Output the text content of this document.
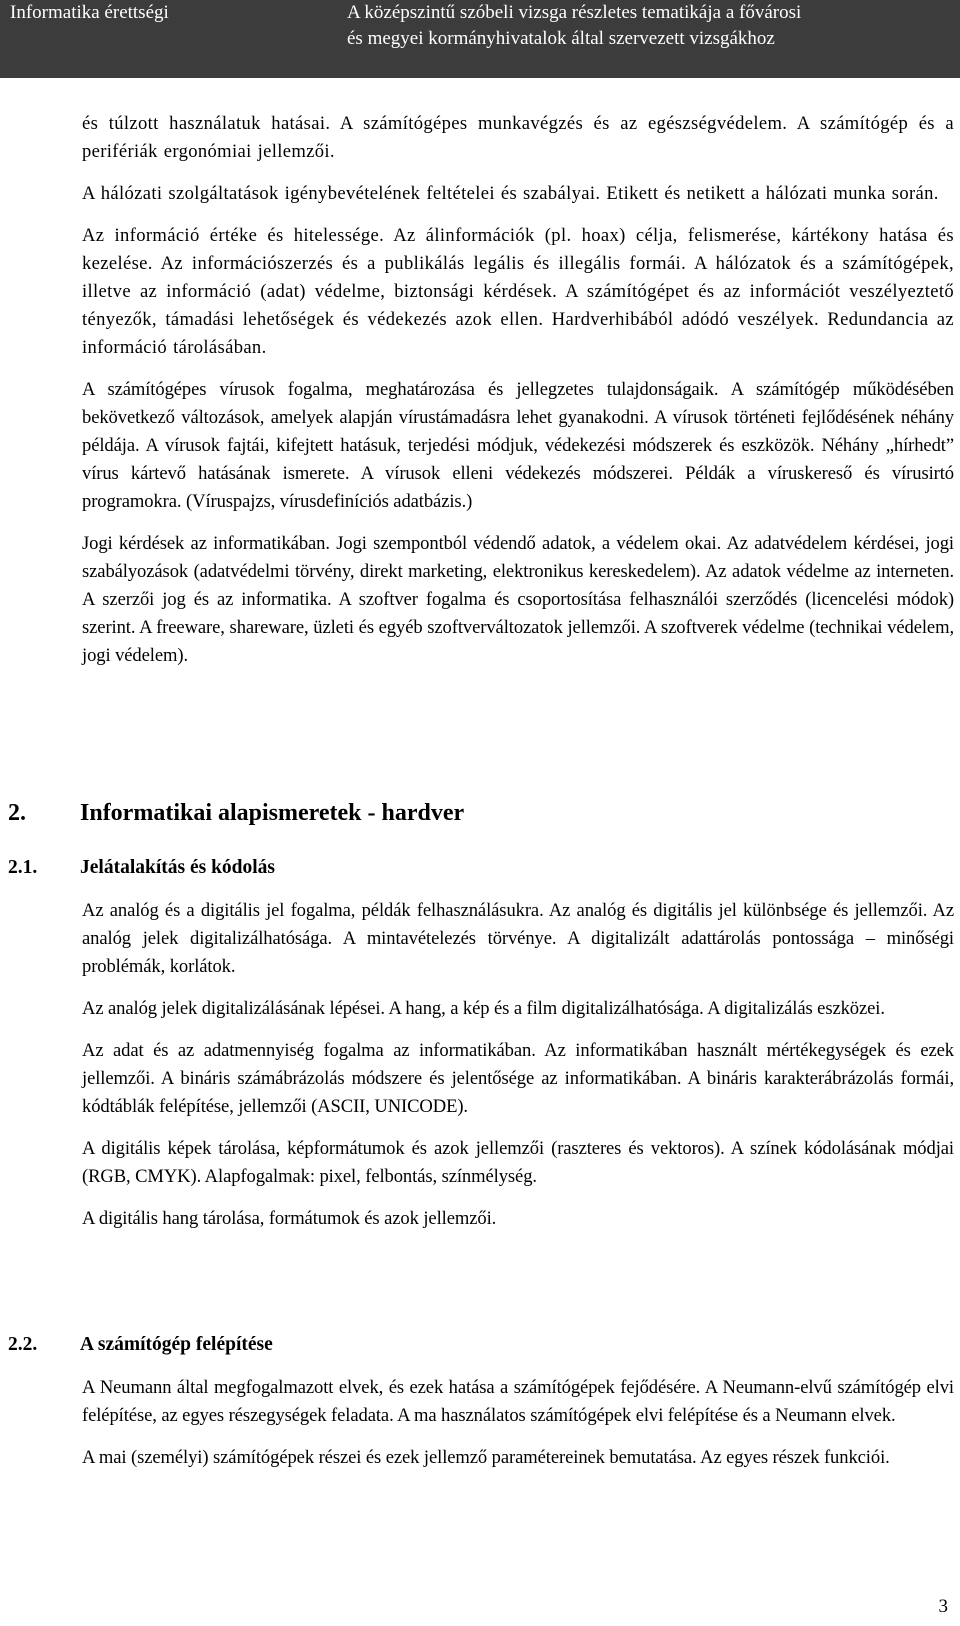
Informatika érettségi	A középszintű szóbeli vizsga részletes tematikája a fővárosi
és megyei kormányhivatalok által szervezett vizsgákhoz

és túlzott használatuk hatásai. A számítógépes munkavégzés és az egészségvédelem. A számítógép és a perifériák ergonómiai jellemzői.

A hálózati szolgáltatások igénybevételének feltételei és szabályai. Etikett és netikett a hálózati munka során.

Az információ értéke és hitelessége. Az álinformációk (pl. hoax) célja, felismerése, kártékony hatása és kezelése. Az információszerzés és a publikálás legális és illegális formái. A hálózatok és a számítógépek, illetve az információ (adat) védelme, biztonsági kérdések. A számítógépet és az információt veszélyeztető tényezők, támadási lehetőségek és védekezés azok ellen. Hardverhibából adódó veszélyek. Redundancia az információ tárolásában.

A számítógépes vírusok fogalma, meghatározása és jellegzetes tulajdonságaik. A számítógép működésében bekövetkező változások, amelyek alapján vírustámadásra lehet gyanakodni. A vírusok történeti fejlődésének néhány példája. A vírusok fajtái, kifejtett hatásuk, terjedési módjuk, védekezési módszerek és eszközök. Néhány „hírhedt” vírus kártevő hatásának ismerete. A vírusok elleni védekezés módszerei. Példák a víruskereső és vírusirtó programokra. (Víruspajzs, vírusdefiníciós adatbázis.)

Jogi kérdések az informatikában. Jogi szempontból védendő adatok, a védelem okai. Az adatvédelem kérdései, jogi szabályozások (adatvédelmi törvény, direkt marketing, elektronikus kereskedelem). Az adatok védelme az interneten. A szerzői jog és az informatika. A szoftver fogalma és csoportosítása felhasználói szerződés (licencelési módok) szerint. A freeware, shareware, üzleti és egyéb szoftverváltozatok jellemzői. A szoftverek védelme (technikai védelem, jogi védelem).

2. Informatikai alapismeretek - hardver
2.1. Jelátalakítás és kódolás

Az analóg és a digitális jel fogalma, példák felhasználásukra. Az analóg és digitális jel különbsége és jellemzői. Az analóg jelek digitalizálhatósága. A mintavételezés törvénye. A digitalizált adattárolás pontossága – minőségi problémák, korlátok.

Az analóg jelek digitalizálásának lépései. A hang, a kép és a film digitalizálhatósága. A digitalizálás eszközei.

Az adat és az adatmennyiség fogalma az informatikában. Az informatikában használt mértékegységek és ezek jellemzői. A bináris számábrázolás módszere és jelentősége az informatikában. A bináris karakterábrázolás formái, kódtáblák felépítése, jellemzői (ASCII, UNICODE).

A digitális képek tárolása, képformátumok és azok jellemzői (raszteres és vektoros). A színek kódolásának módjai (RGB, CMYK). Alapfogalmak: pixel, felbontás, színmélység.

A digitális hang tárolása, formátumok és azok jellemzői.

2.2. A számítógép felépítése

A Neumann által megfogalmazott elvek, és ezek hatása a számítógépek fejődésére. A Neumann-elvű számítógép elvi felépítése, az egyes részegységek feladata. A ma használatos számítógépek elvi felépítése és a Neumann elvek.

A mai (személyi) számítógépek részei és ezek jellemző paramétereinek bemutatása. Az egyes részek funkciói.

3
